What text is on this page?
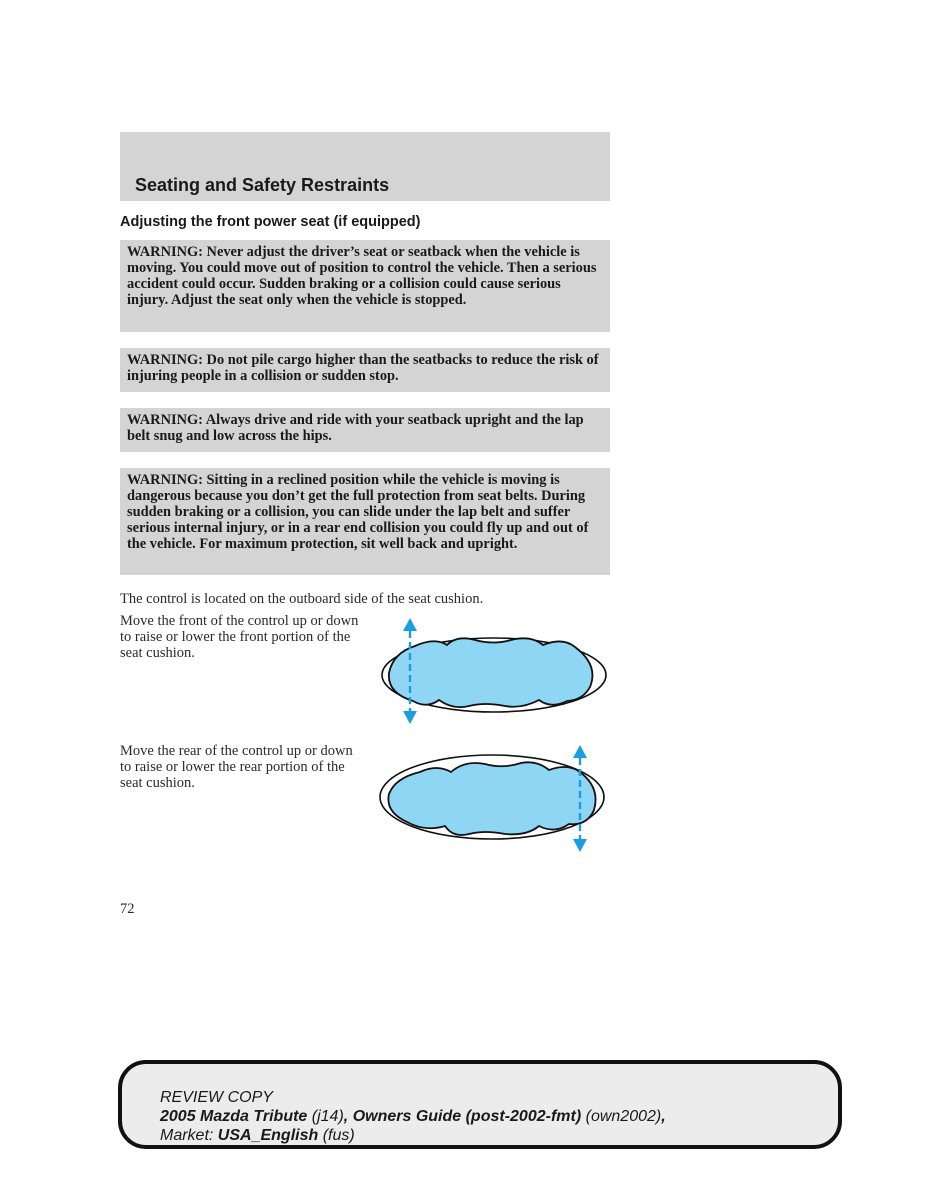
Seating and Safety Restraints
Adjusting the front power seat (if equipped)
WARNING: Never adjust the driver’s seat or seatback when the vehicle is moving. You could move out of position to control the vehicle. Then a serious accident could occur. Sudden braking or a collision could cause serious injury. Adjust the seat only when the vehicle is stopped.
WARNING: Do not pile cargo higher than the seatbacks to reduce the risk of injuring people in a collision or sudden stop.
WARNING: Always drive and ride with your seatback upright and the lap belt snug and low across the hips.
WARNING: Sitting in a reclined position while the vehicle is moving is dangerous because you don’t get the full protection from seat belts. During sudden braking or a collision, you can slide under the lap belt and suffer serious internal injury, or in a rear end collision you could fly up and out of the vehicle. For maximum protection, sit well back and upright.

The control is located on the outboard side of the seat cushion.

Move the front of the control up or down to raise or lower the front portion of the seat cushion.

Move the rear of the control up or down to raise or lower the rear portion of the seat cushion.

72
REVIEW COPY
2005 Mazda Tribute (j14), Owners Guide (post-2002-fmt) (own2002),
Market: USA_English (fus)
